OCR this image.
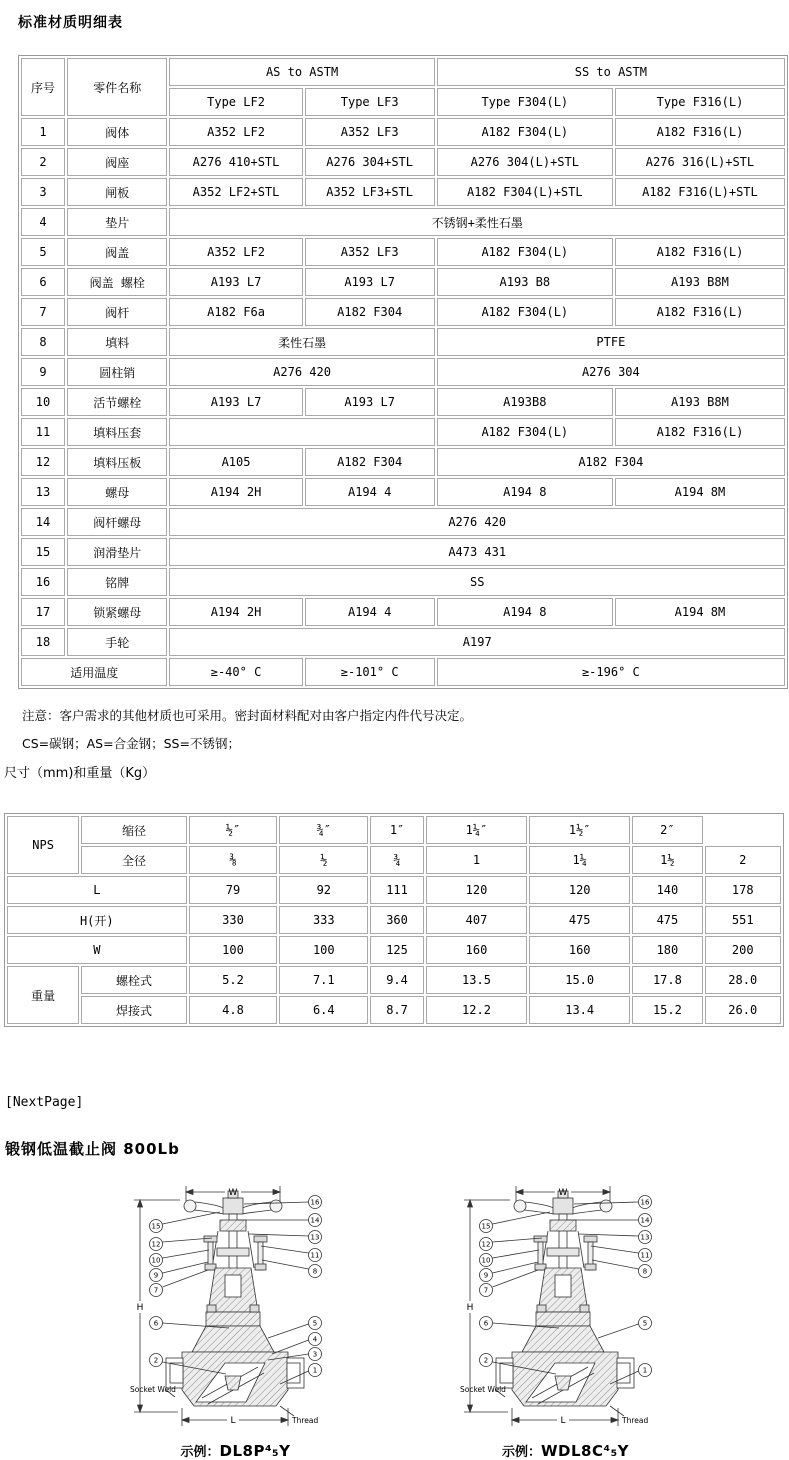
标准材质明细表
序号	零件名称	AS to ASTM		SS to ASTM	
		Type LF2	Type LF3	Type F304(L)	Type F316(L)
1	阀体	A352 LF2	A352 LF3	A182 F304(L)	A182 F316(L)
2	阀座	A276 410+STL	A276 304+STL	A276 304(L)+STL	A276 316(L)+STL
3	闸板	A352 LF2+STL	A352 LF3+STL	A182 F304(L)+STL	A182 F316(L)+STL
4	垫片	不锈钢+柔性石墨			
5	阀盖	A352 LF2	A352 LF3	A182 F304(L)	A182 F316(L)
6	阀盖 螺栓	A193 L7	A193 L7	A193 B8	A193 B8M
7	阀杆	A182 F6a	A182 F304	A182 F304(L)	A182 F316(L)
8	填料	柔性石墨		PTFE	
9	圆柱销	A276 420		A276 304	
10	活节螺栓	A193 L7	A193 L7	A193B8	A193 B8M
11	填料压套			A182 F304(L)	A182 F316(L)
12	填料压板	A105	A182 F304	A182 F304	
13	螺母	A194 2H	A194 4	A194 8	A194 8M
14	阀杆螺母	A276 420			
15	润滑垫片	A473 431			
16	铭牌	SS			
17	锁紧螺母	A194 2H	A194 4	A194 8	A194 8M
18	手轮	A197			
适用温度		≥-40° C	≥-101° C	≥-196° C	
注意：客户需求的其他材质也可采用。密封面材料配对由客户指定内件代号决定。
CS=碳钢；AS=合金钢；SS=不锈钢；
尺寸（mm)和重量（Kg）
NPS	缩径	½″	¾″	1″	1¼″	1½″	2″	
	全径	⅜	½	¾	1	1¼	1½	2
L		79	92	111	120	120	140	178
H(开)		330	333	360	407	475	475	551
W		100	100	125	160	160	180	200
重量	螺栓式	5.2	7.1	9.4	13.5	15.0	17.8	28.0
	焊接式	4.8	6.4	8.7	12.2	13.4	15.2	26.0
[NextPage]
锻钢低温截止阀 800Lb
15
12
10
9
7
6
2
16
14
13
11
8
5
4
3
1
W
H
L
Socket Weld
Thread
示例：DL8P⁴₅Y
15
12
10
9
7
6
2
16
14
13
11
8
5
1
W
H
L
Socket Weld
Thread
示例：WDL8C⁴₅Y
